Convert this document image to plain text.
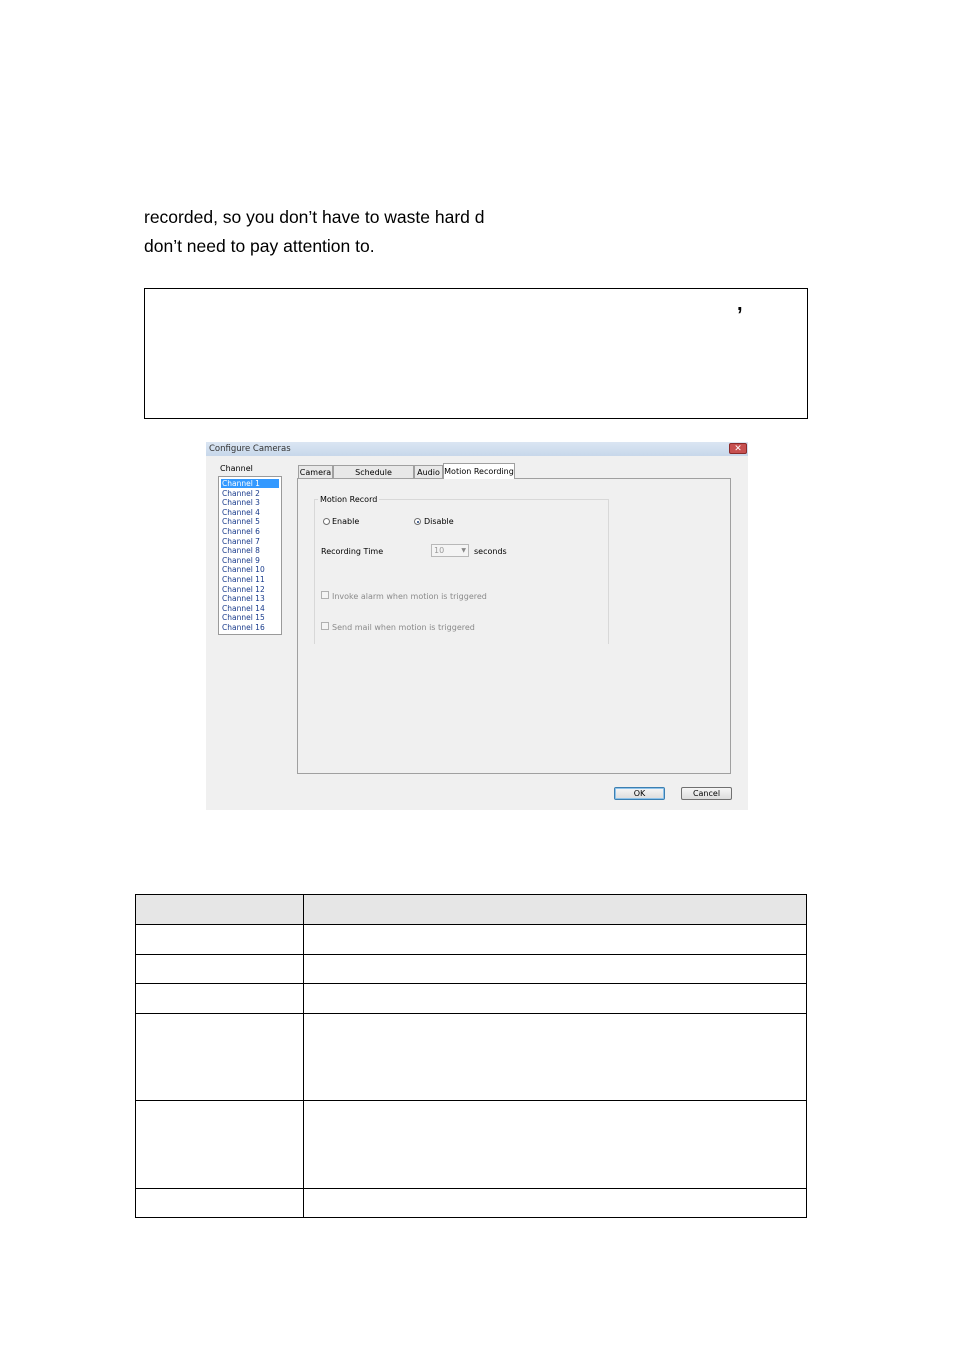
recorded, so you don’t have to waste hard d
don’t need to pay attention to.
,
Configure Cameras	✕
Channel
Channel 1
Channel 2
Channel 3
Channel 4
Channel 5
Channel 6
Channel 7
Channel 8
Channel 9
Channel 10
Channel 11
Channel 12
Channel 13
Channel 14
Channel 15
Channel 16
Camera	Schedule	Audio Motion Recording
Motion Record
Enable	Disable
Recording Time	10	▼ seconds
Invoke alarm when motion is triggered
Send mail when motion is triggered
OK	Cancel
